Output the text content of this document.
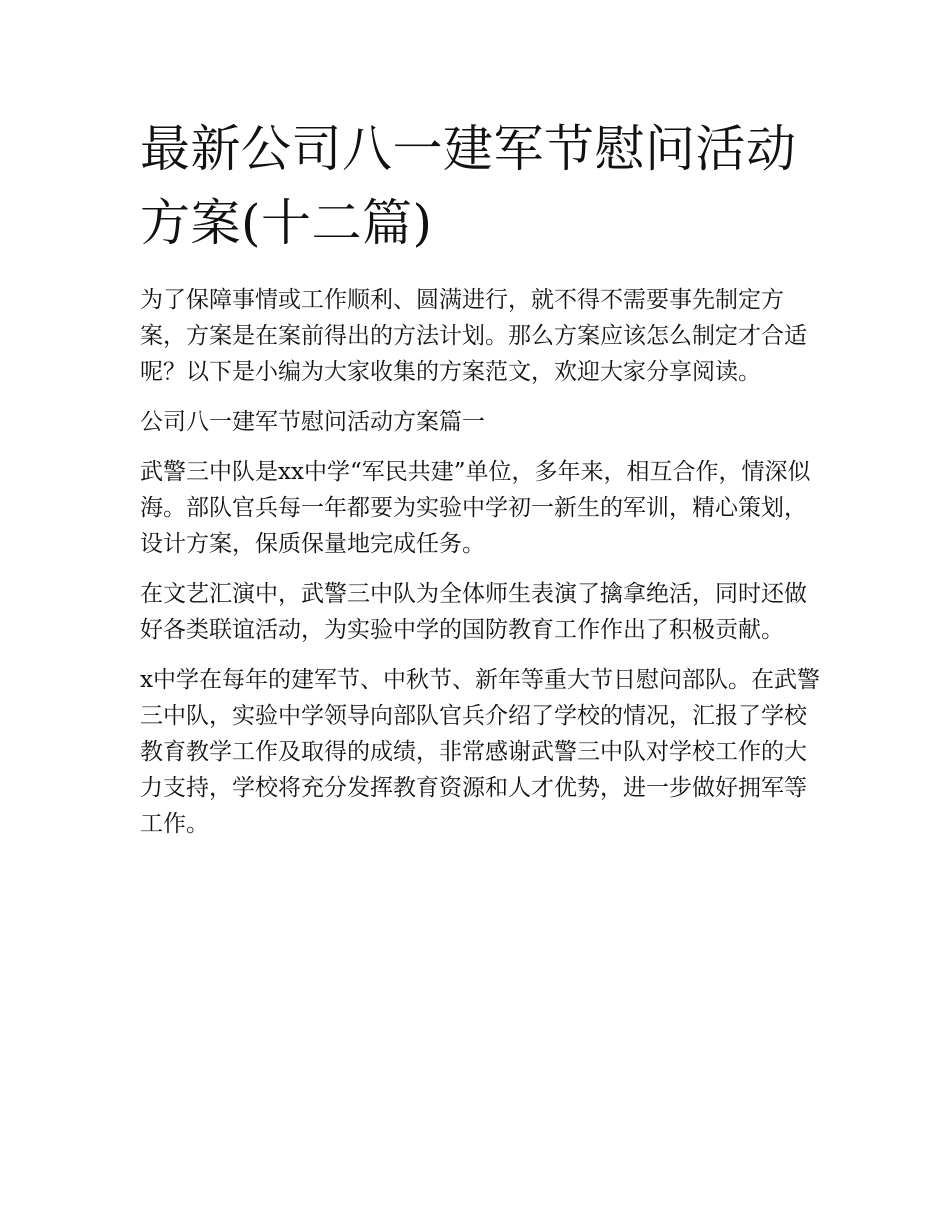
最新公司八一建军节慰问活动方案(十二篇)

为了保障事情或工作顺利、圆满进行，就不得不需要事先制定方案，方案是在案前得出的方法计划。那么方案应该怎么制定才合适呢？以下是小编为大家收集的方案范文，欢迎大家分享阅读。

公司八一建军节慰问活动方案篇一

武警三中队是xx中学“军民共建”单位，多年来，相互合作，情深似海。部队官兵每一年都要为实验中学初一新生的军训，精心策划，设计方案，保质保量地完成任务。

在文艺汇演中，武警三中队为全体师生表演了擒拿绝活，同时还做好各类联谊活动，为实验中学的国防教育工作作出了积极贡献。

x中学在每年的建军节、中秋节、新年等重大节日慰问部队。在武警三中队，实验中学领导向部队官兵介绍了学校的情况，汇报了学校教育教学工作及取得的成绩，非常感谢武警三中队对学校工作的大力支持，学校将充分发挥教育资源和人才优势，进一步做好拥军等工作。
